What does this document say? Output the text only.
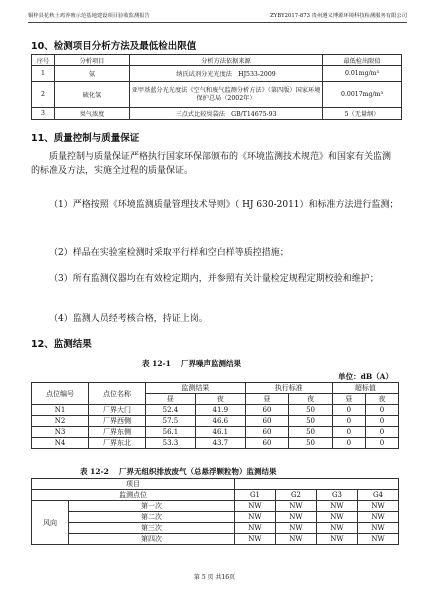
铜梓县花秋土鸡养殖示范基地建设项目验收监测报告	ZYBY2017-873 贵州遵义博源环境科技检测服务有限公司
10、检测项目分析方法及最低检出限值
序号	分析项目	分析方法依据来源	最低检出限值
1	氨	纳氏试剂分光光度法　HJ533-2009	0.01mg/m³
2	硫化氢	亚甲基蓝分光光度法《空气和废气监测分析方法》（第四版）国家环境保护总局（2002年）	0.0017mg/m³
3	臭气浓度	三点式比较臭袋法　GB/T14675-93	5（无量纲）
11、质量控制与质量保证
质量控制与质量保证严格执行国家环保部颁布的《环境监测技术规范》和国家有关监测的标准及方法，实施全过程的质量保证。
（1）严格按照《环境监测质量管理技术导则》（ HJ 630-2011）和标准方法进行监测；
（2）样品在实验室检测时采取平行样和空白样等质控措施；
（3）所有监测仪器均在有效检定期内，并参照有关计量检定规程定期校验和维护；
（4）监测人员经考核合格，持证上岗。
12、监测结果
表 12-1　 厂界噪声监测结果
单位：dB（A）
点位编号	点位名称	监测结果		执行标准		超标值	
		昼	夜	昼	夜	昼	夜
N1	厂界大门	52.4	41.9	60	50	0	0
N2	厂界西侧	57.5	46.6	60	50	0	0
N3	厂界东侧	56.1	46.1	60	50	0	0
N4	厂界东北	53.3	43.7	60	50	0	0
表 12-2　 厂界无组织排放废气（总悬浮颗粒物）监测结果
项目					
监测点位		G1	G2	G3	G4
风向	第一次	NW	NW	NW	NW
	第二次	NW	NW	NW	NW
	第三次	NW	NW	NW	NW
	第四次	NW	NW	NW	NW
第 5 页 共16页
